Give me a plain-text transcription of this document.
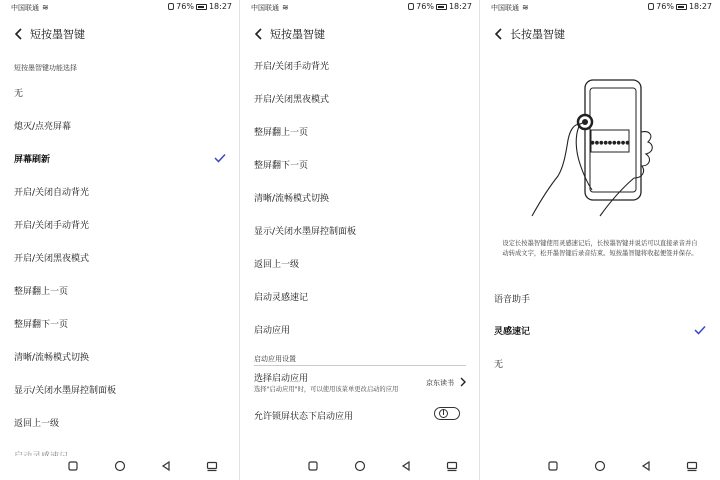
中国联通 ≋	76% 18:27
短按墨智键
短按墨智键功能选择
无
熄灭/点亮屏幕
屏幕刷新
开启/关闭自动背光
开启/关闭手动背光
开启/关闭黑夜模式
整屏翻上一页
整屏翻下一页
清晰/流畅模式切换
显示/关闭水墨屏控制面板
返回上一级
中国联通 ≋	76% 18:27
短按墨智键
开启/关闭手动背光
开启/关闭黑夜模式
整屏翻上一页
整屏翻下一页
清晰/流畅模式切换
显示/关闭水墨屏控制面板
返回上一级
启动灵感速记
启动应用
启动应用设置
选择启动应用
选择"启动应用"时，可以使用该菜单更改启动的应用
京东读书
允许锁屏状态下启动应用
中国联通 ≋	76% 18:27
长按墨智键
●●●●●●●●●
设定长按墨智键使用灵感速记后，长按墨智键并说话可以直接录音并自动转成文字，松开墨智键后录音结束。短按墨智键将收起便签并保存。
语音助手
灵感速记
无
